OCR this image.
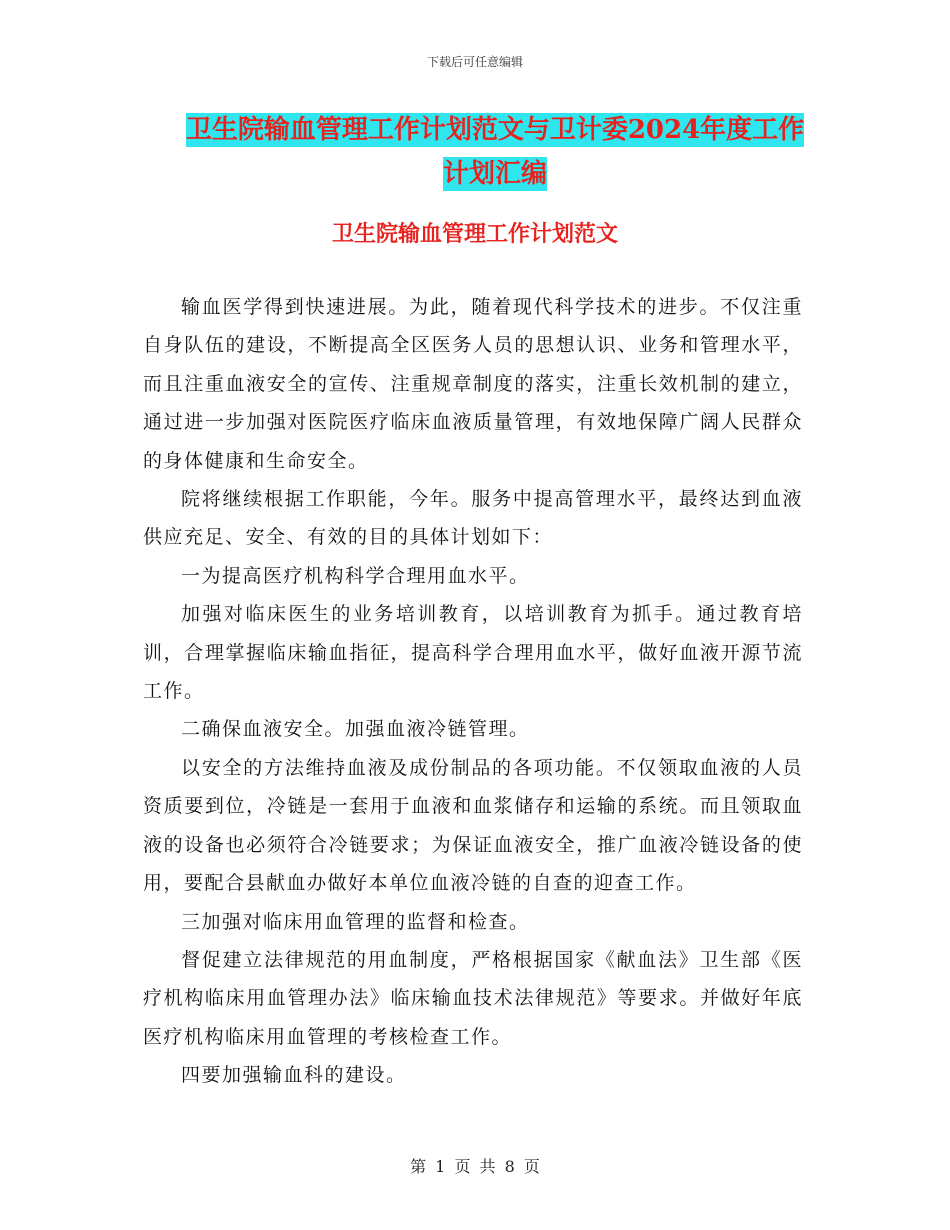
下载后可任意编辑
卫生院输血管理工作计划范文与卫计委2024年度工作
计划汇编
卫生院输血管理工作计划范文

输血医学得到快速进展。为此，随着现代科学技术的进步。不仅注重自身队伍的建设，不断提高全区医务人员的思想认识、业务和管理水平，而且注重血液安全的宣传、注重规章制度的落实，注重长效机制的建立，通过进一步加强对医院医疗临床血液质量管理，有效地保障广阔人民群众的身体健康和生命安全。

院将继续根据工作职能，今年。服务中提高管理水平，最终达到血液供应充足、安全、有效的目的具体计划如下：

一为提高医疗机构科学合理用血水平。

加强对临床医生的业务培训教育，以培训教育为抓手。通过教育培训，合理掌握临床输血指征，提高科学合理用血水平，做好血液开源节流工作。

二确保血液安全。加强血液冷链管理。

以安全的方法维持血液及成份制品的各项功能。不仅领取血液的人员资质要到位，冷链是一套用于血液和血浆储存和运输的系统。而且领取血液的设备也必须符合冷链要求；为保证血液安全，推广血液冷链设备的使用，要配合县献血办做好本单位血液冷链的自查的迎查工作。

三加强对临床用血管理的监督和检查。

督促建立法律规范的用血制度，严格根据国家《献血法》卫生部《医疗机构临床用血管理办法》临床输血技术法律规范》等要求。并做好年底医疗机构临床用血管理的考核检查工作。

四要加强输血科的建设。

第 1 页 共 8 页
